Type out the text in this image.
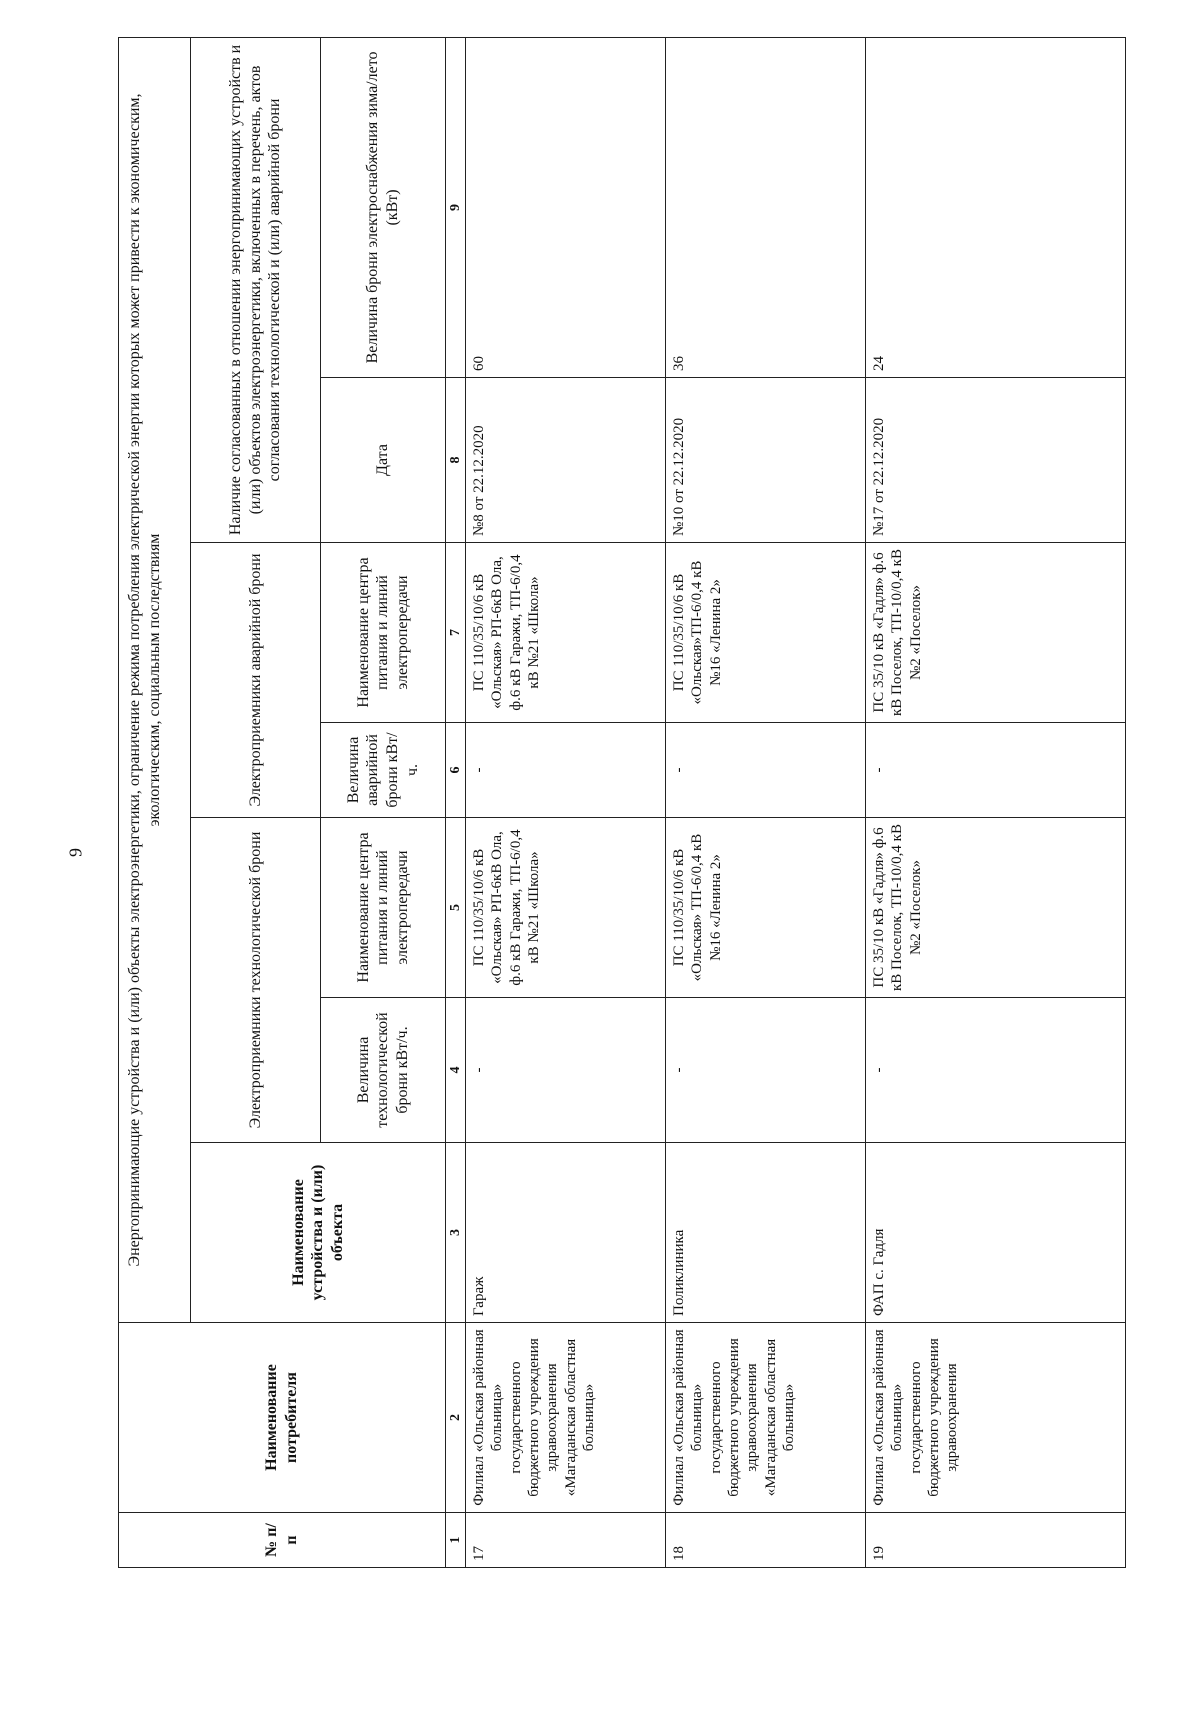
9
№ п/п	Наименование потребителя	Энергопринимающие устройства и (или) объекты электроэнергетики, ограничение режима потребления электрической энергии которых может привести к экономическим, экологическим, социальным последствиям						
		Наименование устройства и (или) объекта	Электроприемники технологической брони		Электроприемники аварийной брони		Наличие согласованных в отношении энергопринимающих устройств и (или) объектов электроэнергетики, включенных в перечень, актов согласования технологической и (или) аварийной брони	
			Величина технологической брони кВт/ч.	Наименование центра питания и линий электропередачи	Величина аварийной брони кВт/ч.	Наименование центра питания и линий электропередачи	Дата	Величина брони электроснабжения зима/лето (кВт)
1	2	3	4	5	6	7	8	9
17	Филиал «Ольская районная больница» государственного бюджетного учреждения здравоохранения «Магаданская областная больница»	Гараж	-	ПС 110/35/10/6 кВ «Ольская» РП-6кВ Ола, ф.6 кВ Гаражи, ТП-6/0,4 кВ №21 «Школа»	-	ПС 110/35/10/6 кВ «Ольская» РП-6кВ Ола, ф.6 кВ Гаражи, ТП-6/0,4 кВ №21 «Школа»	№8 от 22.12.2020	60
18	Филиал «Ольская районная больница» государственного бюджетного учреждения здравоохранения «Магаданская областная больница»	Поликлиника	-	ПС 110/35/10/6 кВ «Ольская» ТП-6/0,4 кВ №16 «Ленина 2»	-	ПС 110/35/10/6 кВ «Ольская»ТП-6/0,4 кВ №16 «Ленина 2»	№10 от 22.12.2020	36
19	Филиал «Ольская районная больница» государственного бюджетного учреждения здравоохранения	ФАП с. Гадля	-	ПС 35/10 кВ «Гадля» ф.6 кВ Поселок, ТП-10/0,4 кВ №2 «Поселок»	-	ПС 35/10 кВ «Гадля» ф.6 кВ Поселок, ТП-10/0,4 кВ №2 «Поселок»	№17 от 22.12.2020	24
